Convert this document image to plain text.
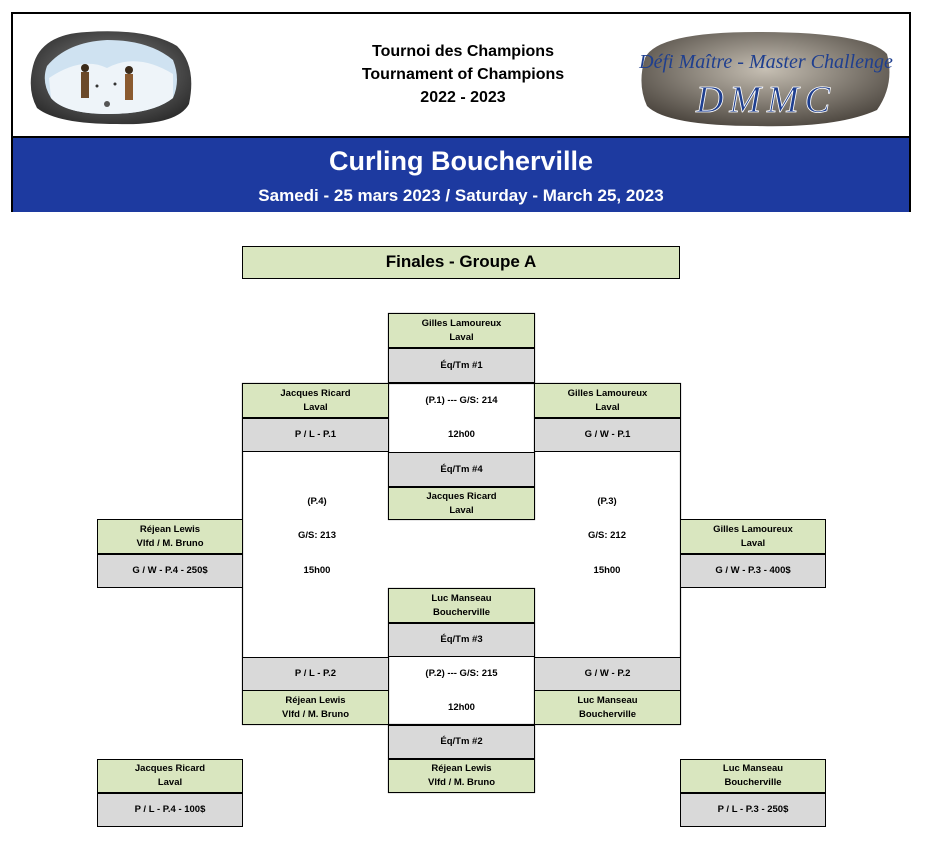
Tournoi des Champions
Tournament of Champions
2022 - 2023
Défi Maître - Master Challenge
DMMC
Curling Boucherville
Samedi - 25 mars 2023 / Saturday - March 25, 2023
Finales - Groupe A
Gilles Lamoureux
Laval
Éq/Tm #1
Jacques Ricard
Laval
P / L - P.1
(P.1) --- G/S: 214
12h00
Gilles Lamoureux
Laval
G / W - P.1
Éq/Tm #4
Jacques Ricard
Laval
(P.4)
G/S: 213
15h00
Réjean Lewis
Vlfd / M. Bruno
G / W - P.4 - 250$
(P.3)
G/S: 212
15h00
Gilles Lamoureux
Laval
G / W - P.3 - 400$
Luc Manseau
Boucherville
Éq/Tm #3
P / L - P.2
Réjean Lewis
Vlfd / M. Bruno
(P.2) --- G/S: 215
12h00
G / W - P.2
Luc Manseau
Boucherville
Éq/Tm #2
Réjean Lewis
Vlfd / M. Bruno
Jacques Ricard
Laval
P / L - P.4 - 100$
Luc Manseau
Boucherville
P / L - P.3 - 250$
